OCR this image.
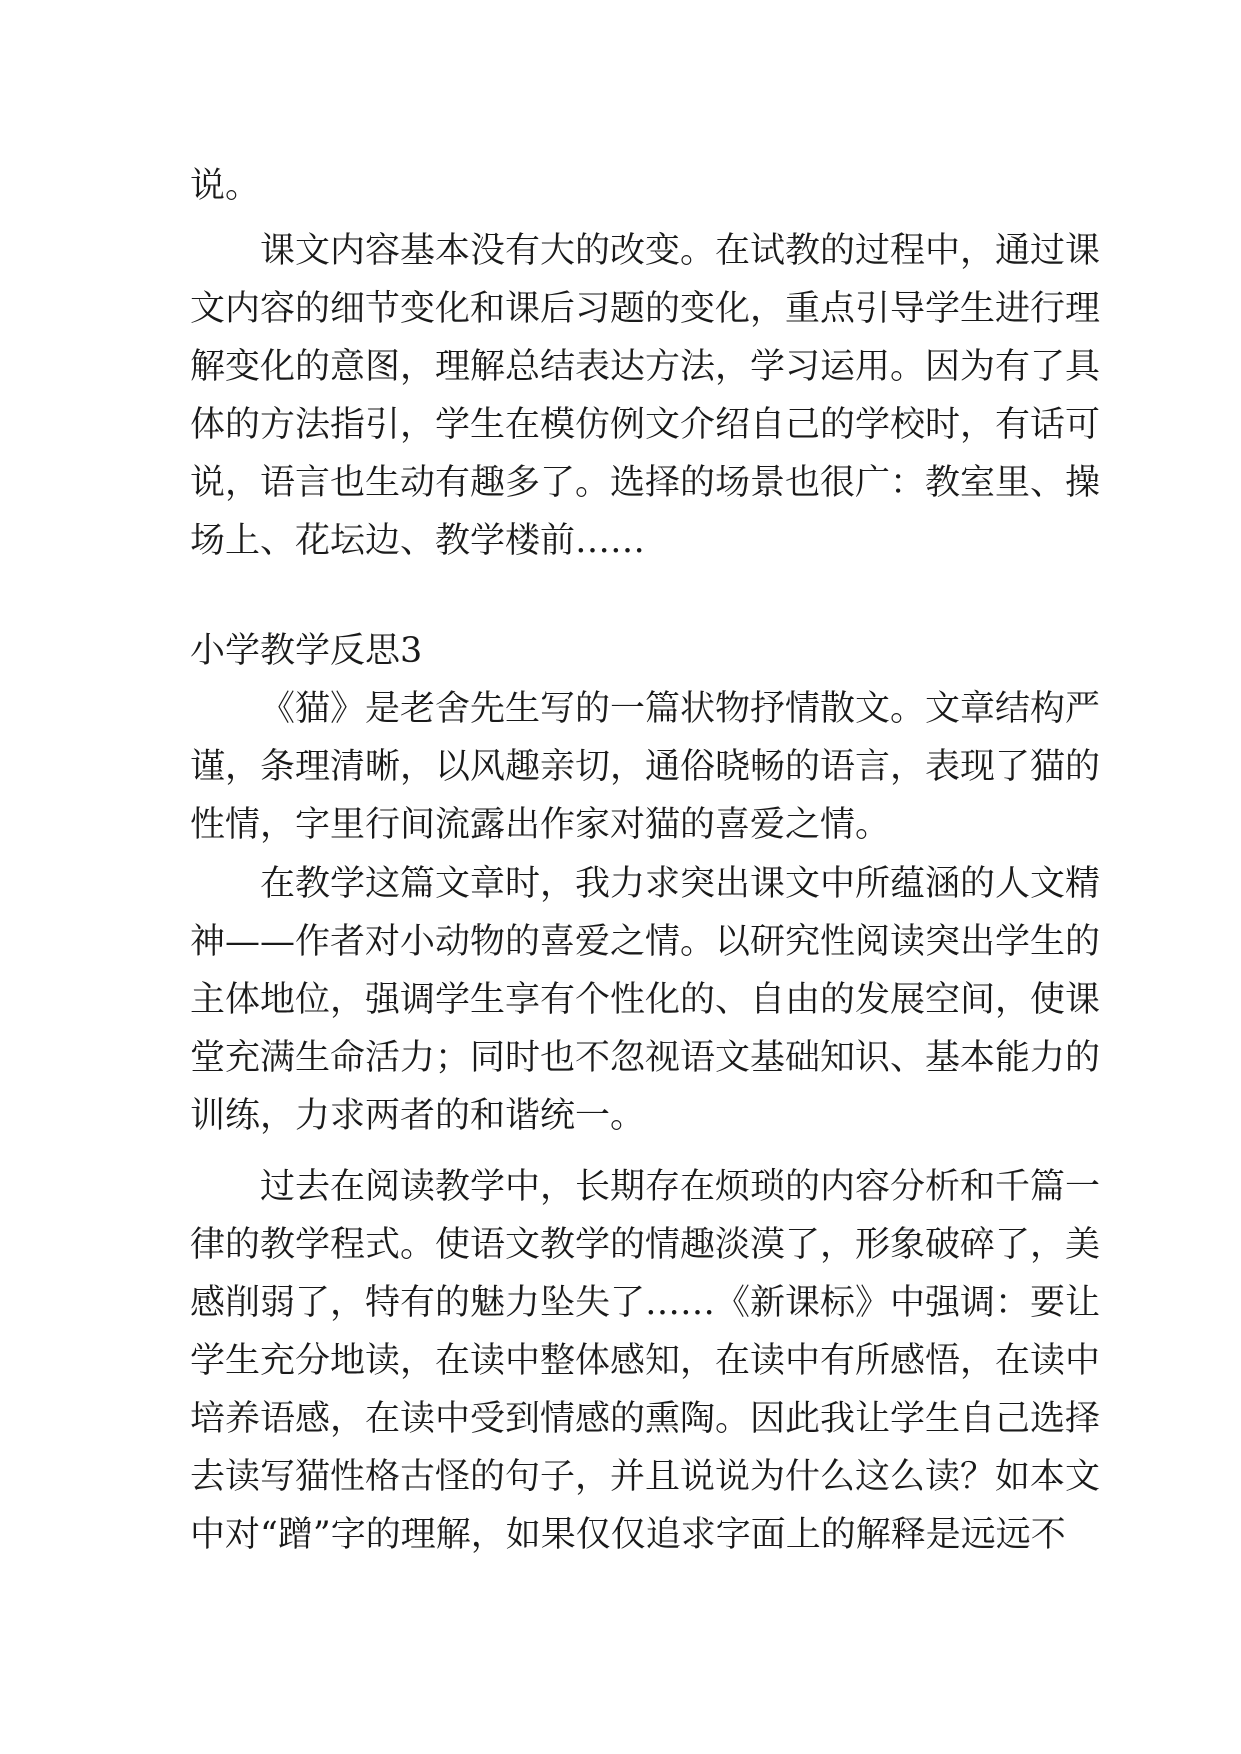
说。
课文内容基本没有大的改变。在试教的过程中，通过课
文内容的细节变化和课后习题的变化，重点引导学生进行理
解变化的意图，理解总结表达方法，学习运用。因为有了具
体的方法指引，学生在模仿例文介绍自己的学校时，有话可
说，语言也生动有趣多了。选择的场景也很广：教室里、操
场上、花坛边、教学楼前……
小学教学反思3
《猫》是老舍先生写的一篇状物抒情散文。文章结构严
谨，条理清晰，以风趣亲切，通俗晓畅的语言，表现了猫的
性情，字里行间流露出作家对猫的喜爱之情。
在教学这篇文章时，我力求突出课文中所蕴涵的人文精
神——作者对小动物的喜爱之情。以研究性阅读突出学生的
主体地位，强调学生享有个性化的、自由的发展空间，使课
堂充满生命活力；同时也不忽视语文基础知识、基本能力的
训练，力求两者的和谐统一。
过去在阅读教学中，长期存在烦琐的内容分析和千篇一
律的教学程式。使语文教学的情趣淡漠了，形象破碎了，美
感削弱了，特有的魅力坠失了……《新课标》中强调：要让
学生充分地读，在读中整体感知，在读中有所感悟，在读中
培养语感，在读中受到情感的熏陶。因此我让学生自己选择
去读写猫性格古怪的句子，并且说说为什么这么读？如本文
中对“蹭”字的理解，如果仅仅追求字面上的解释是远远不
